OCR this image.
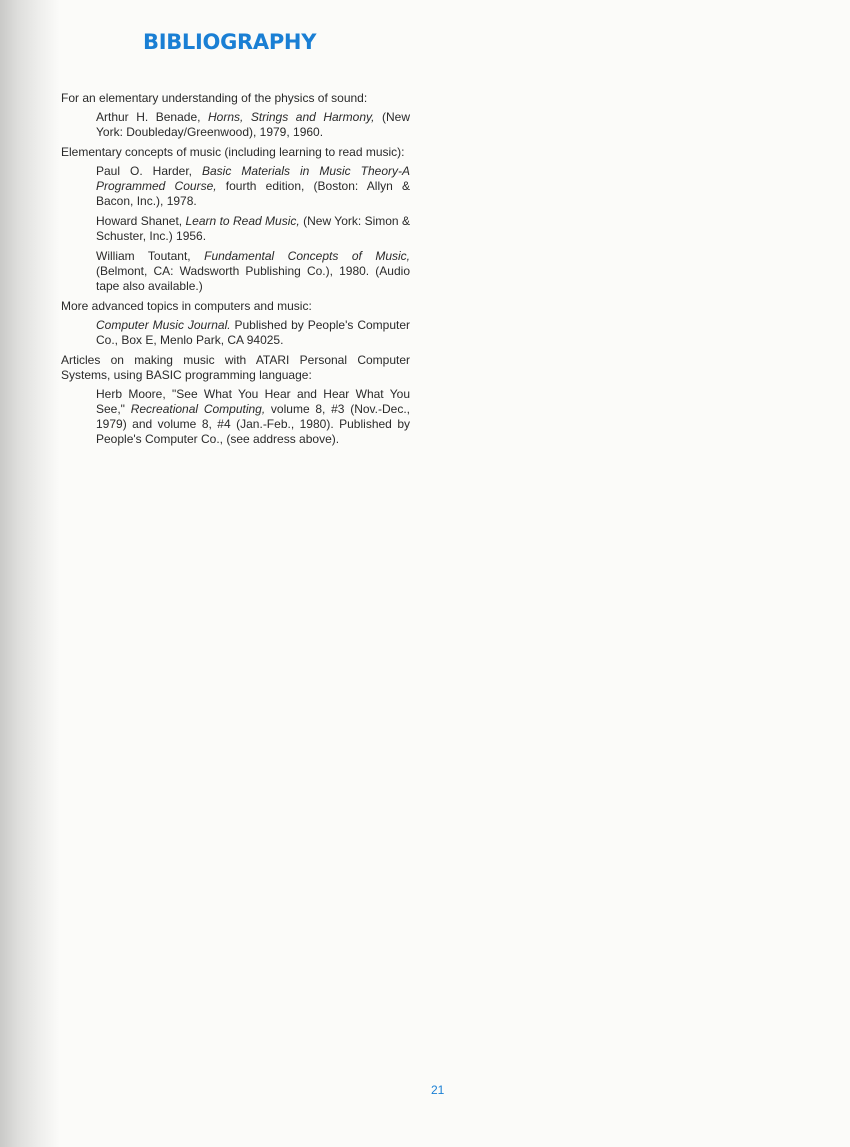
BIBLIOGRAPHY

For an elementary understanding of the physics of sound:

Arthur H. Benade, Horns, Strings and Harmony, (New York: Doubleday/Greenwood), 1979, 1960.

Elementary concepts of music (including learning to read music):

Paul O. Harder, Basic Materials in Music Theory-A Programmed Course, fourth edition, (Boston: Allyn & Bacon, Inc.), 1978.

Howard Shanet, Learn to Read Music, (New York: Simon & Schuster, Inc.) 1956.

William Toutant, Fundamental Concepts of Music, (Belmont, CA: Wadsworth Publishing Co.), 1980. (Audio tape also available.)

More advanced topics in computers and music:

Computer Music Journal. Published by People's Computer Co., Box E, Menlo Park, CA 94025.

Articles on making music with ATARI Personal Computer Systems, using BASIC programming language:

Herb Moore, "See What You Hear and Hear What You See," Recreational Computing, volume 8, #3 (Nov.-Dec., 1979) and volume 8, #4 (Jan.-Feb., 1980). Published by People's Computer Co., (see address above).

21
